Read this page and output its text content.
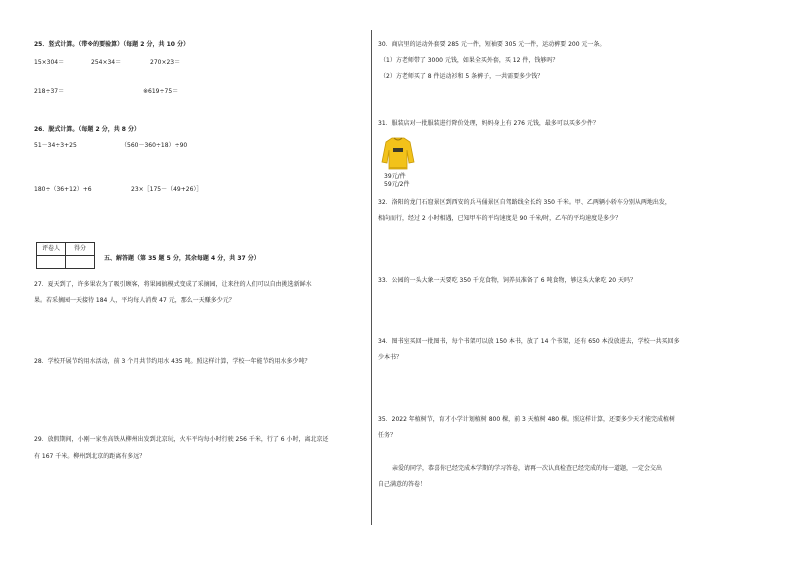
25．竖式计算。（带※的要验算）（每题 2 分，共 10 分）
15×304＝	254×34＝	270×23＝
218÷37＝	※619÷75＝
26．脱式计算。（每题 2 分，共 8 分）
51－34÷3+25	（560－360÷18）÷90
180÷（36+12）+6	23×［175－（49+26）］
评卷人	得分

五、解答题（第 35 题 5 分，其余每题 4 分，共 37 分）
27．夏天到了，许多果农为了吸引顾客，将果园搞模式变成了采摘园，让来往的人们可以自由挑选新鲜水
果。若采摘园一天接待 184 人，平均每人消费 47 元，那么一天赚多少元？
28．学校开展节约用水活动，前 3 个月共节约用水 435 吨。照这样计算，学校一年能节约用水多少吨？
29．放假期间，小刚一家坐高铁从柳州出发到北京玩，火车平均每小时行驶 256 千米，行了 6 小时，离北京还
有 167 千米。柳州到北京的距离有多远？
30．商店里的运动外套要 285 元一件，短袖要 305 元一件，运动裤要 200 元一条。
（1）方老师带了 3000 元钱，如果全买外套，买 12 件，钱够吗？
（2）方老师买了 8 件运动衫和 5 条裤子，一共需要多少钱？
31．服装店对一批服装进行降价处理，妈妈身上有 276 元钱，最多可以买多少件？
39元/件
59元/2件
32．洛阳的龙门石窟景区到西安的兵马俑景区自驾路线全长约 350 千米。甲、乙两辆小轿车分别从两地出发，
相向而行，经过 2 小时相遇，已知甲车的平均速度是 90 千米/时，乙车的平均速度是多少？
33．公园的一头大象一天要吃 350 千克食物，饲养员准备了 6 吨食物，够这头大象吃 20 天吗？
34．图书室买回一批图书，每个书架可以放 150 本书，放了 14 个书架，还有 650 本没放进去，学校一共买回多
少本书？
35．2022 年植树节，育才小学计划植树 800 棵，前 3 天植树 480 棵。照这样计算，还要多少天才能完成植树
任务？
亲爱的同学，恭喜你已经完成本学期的学习答卷，请再一次认真检查已经完成的每一道题，一定会交出
自己满意的答卷！
